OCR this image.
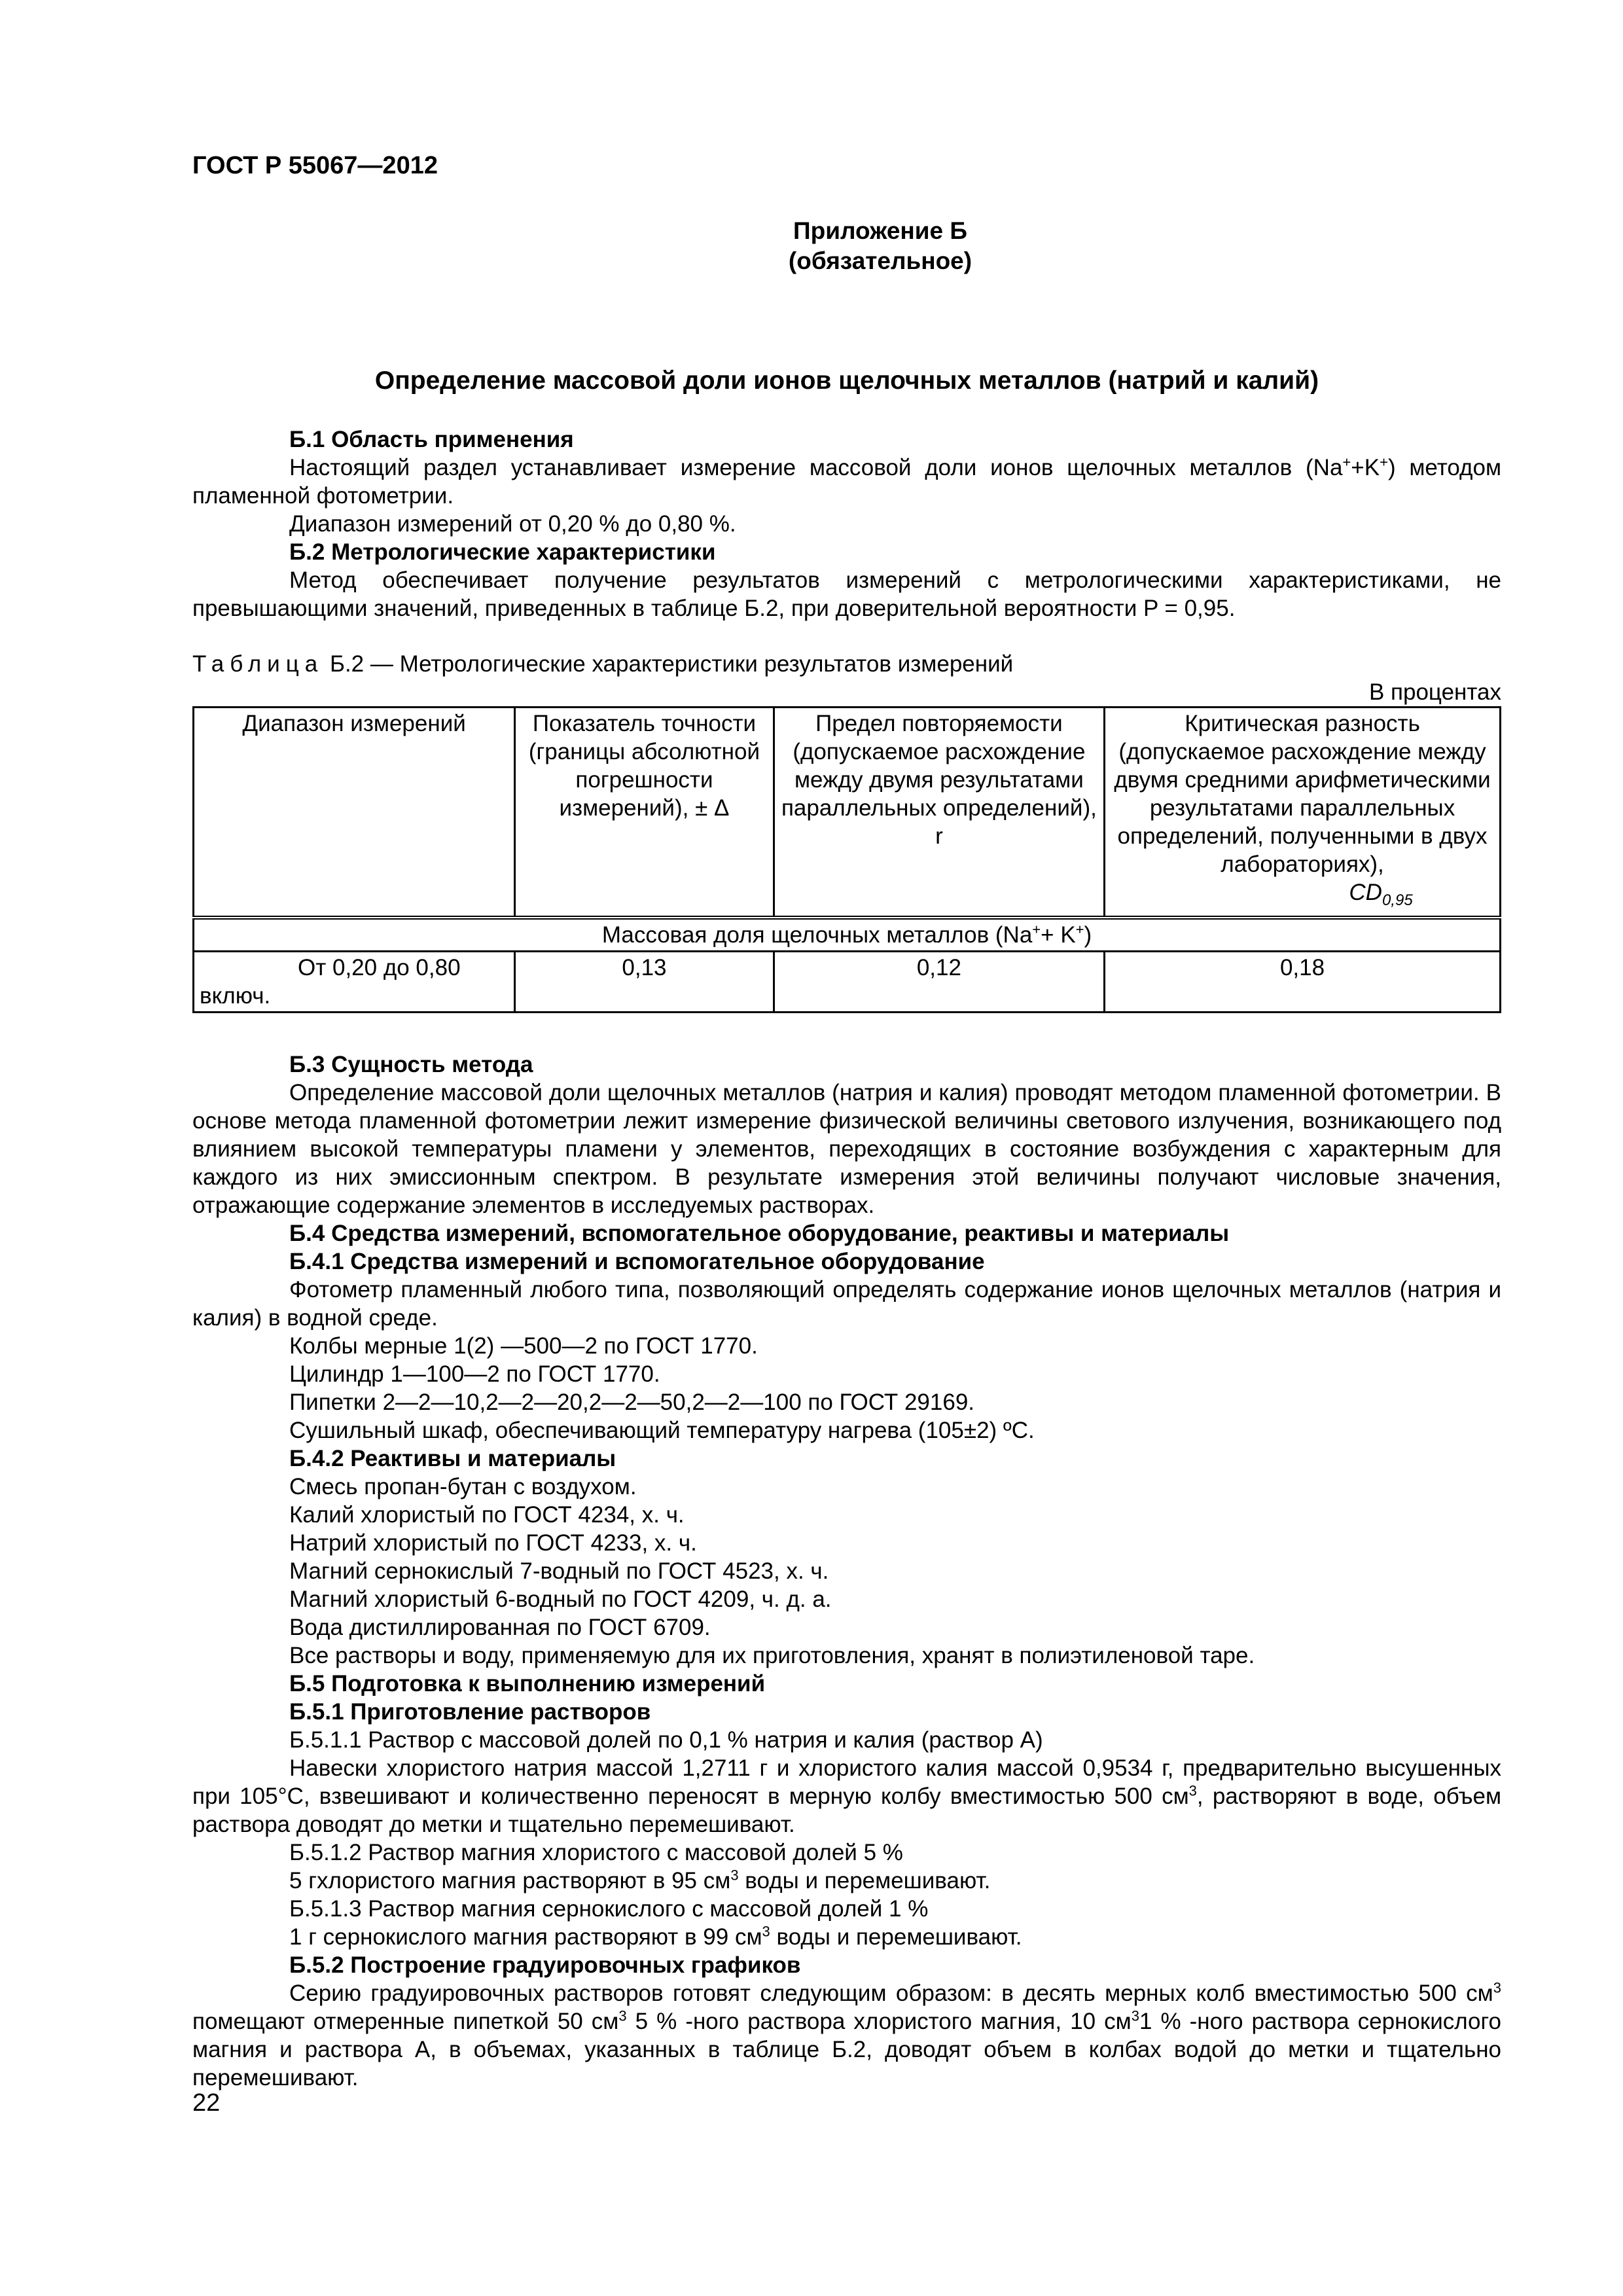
ГОСТ Р 55067—2012
Приложение Б
(обязательное)
Определение массовой доли ионов щелочных металлов (натрий и калий)

Б.1 Область применения

Настоящий раздел устанавливает измерение массовой доли ионов щелочных металлов (Na++K+) методом пламенной фотометрии.

Диапазон измерений от 0,20 % до 0,80 %.

Б.2 Метрологические характеристики

Метод обеспечивает получение результатов измерений с метрологическими характеристиками, не превышающими значений, приведенных в таблице Б.2, при доверительной вероятности P = 0,95.

Таблица Б.2 — Метрологические характеристики результатов измерений

В процентах

Диапазон измерений	Показатель точности (границы абсолютной погрешности измерений), ± Δ	Предел повторяемости (допускаемое расхождение между двумя результатами параллельных определений), r	Критическая разность (допускаемое расхождение между двумя средними арифметическими результатами параллельных определений, полученными в двух лабораториях),
$CD_{0,95}$
Массовая доля щелочных металлов (Na++ K+)			
От 0,20 до 0,80 включ.	0,13	0,12	0,18

Б.3 Сущность метода

Определение массовой доли щелочных металлов (натрия и калия) проводят методом пламенной фотометрии. В основе метода пламенной фотометрии лежит измерение физической величины светового излучения, возникающего под влиянием высокой температуры пламени у элементов, переходящих в состояние возбуждения с характерным для каждого из них эмиссионным спектром. В результате измерения этой величины получают числовые значения, отражающие содержание элементов в исследуемых растворах.

Б.4 Средства измерений, вспомогательное оборудование, реактивы и материалы

Б.4.1 Средства измерений и вспомогательное оборудование

Фотометр пламенный любого типа, позволяющий определять содержание ионов щелочных металлов (натрия и калия) в водной среде.

Колбы мерные 1(2) —500—2 по ГОСТ 1770.

Цилиндр 1—100—2 по ГОСТ 1770.

Пипетки 2—2—10,2—2—20,2—2—50,2—2—100 по ГОСТ 29169.

Сушильный шкаф, обеспечивающий температуру нагрева (105±2) ºС.

Б.4.2 Реактивы и материалы

Смесь пропан-бутан с воздухом.

Калий хлористый по ГОСТ 4234, х. ч.

Натрий хлористый по ГОСТ 4233, х. ч.

Магний сернокислый 7-водный по ГОСТ 4523, х. ч.

Магний хлористый 6-водный по ГОСТ 4209, ч. д. а.

Вода дистиллированная по ГОСТ 6709.

Все растворы и воду, применяемую для их приготовления, хранят в полиэтиленовой таре.

Б.5 Подготовка к выполнению измерений

Б.5.1 Приготовление растворов

Б.5.1.1 Раствор с массовой долей по 0,1 % натрия и калия (раствор А)

Навески хлористого натрия массой 1,2711 г и хлористого калия массой 0,9534 г, предварительно высушенных при 105°С, взвешивают и количественно переносят в мерную колбу вместимостью 500 $см^3$, растворяют в воде, объем раствора доводят до метки и тщательно перемешивают.

Б.5.1.2 Раствор магния хлористого с массовой долей 5 %

5 гхлористого магния растворяют в 95 $см^3$ воды и перемешивают.

Б.5.1.3 Раствор магния сернокислого с массовой долей 1 %

1 г сернокислого магния растворяют в 99 $см^3$ воды и перемешивают.

Б.5.2 Построение градуировочных графиков

Серию градуировочных растворов готовят следующим образом: в десять мерных колб вместимостью 500 $см^3$ помещают отмеренные пипеткой 50 $см^3$ 5 % -ного раствора хлористого магния, 10 $см^31$ % -ного раствора сернокислого магния и раствора А, в объемах, указанных в таблице Б.2, доводят объем в колбах водой до метки и тщательно перемешивают.

22
